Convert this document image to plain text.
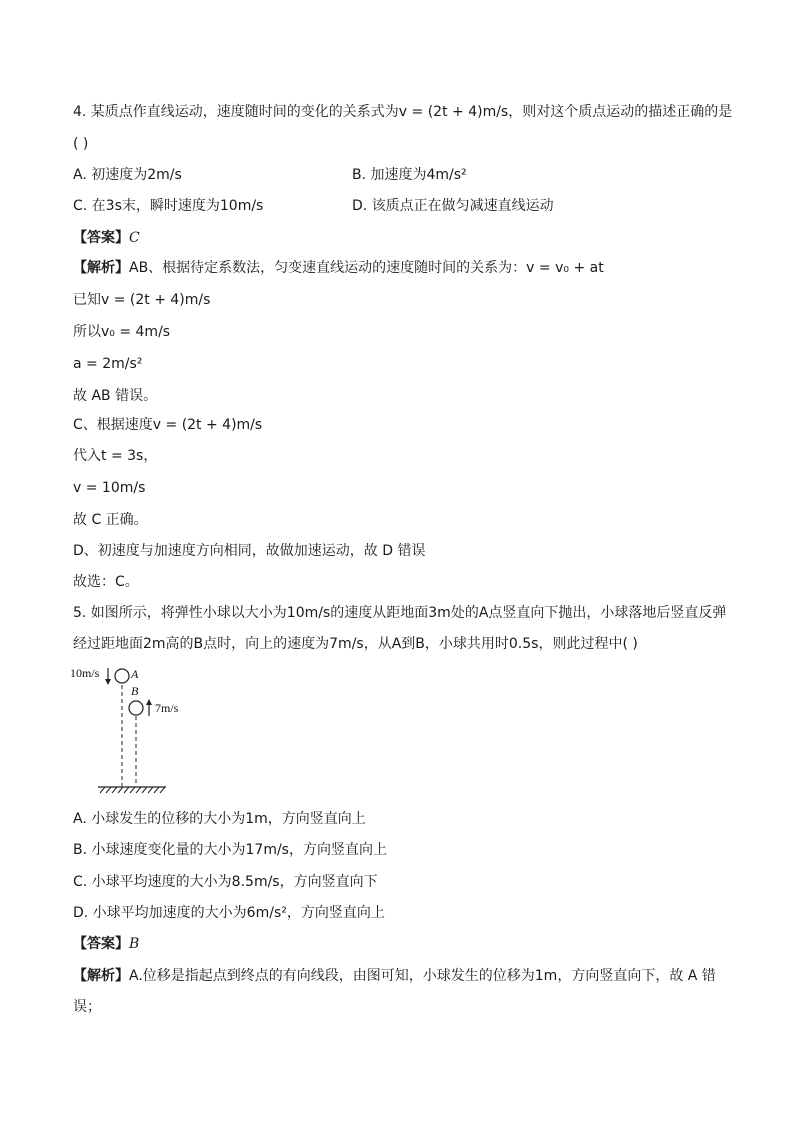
4. 某质点作直线运动，速度随时间的变化的关系式为v = (2t + 4)m/s，则对这个质点运动的描述正确的是
( )
A. 初速度为2m/s	B. 加速度为4m/s²
C. 在3s末，瞬时速度为10m/s	D. 该质点正在做匀减速直线运动
【答案】C
【解析】AB、根据待定系数法，匀变速直线运动的速度随时间的关系为：v = v₀ + at
已知v = (2t + 4)m/s
所以v₀ = 4m/s
a = 2m/s²
故 AB 错误。
C、根据速度v = (2t + 4)m/s
代入t = 3s，
v = 10m/s
故 C 正确。
D、初速度与加速度方向相同，故做加速运动，故 D 错误
故选：C。
5. 如图所示，将弹性小球以大小为10m/s的速度从距地面3m处的A点竖直向下抛出，小球落地后竖直反弹
经过距地面2m高的B点时，向上的速度为7m/s，从A到B，小球共用时0.5s，则此过程中( )
10m/s	A
B
7m/s
A. 小球发生的位移的大小为1m，方向竖直向上
B. 小球速度变化量的大小为17m/s，方向竖直向上
C. 小球平均速度的大小为8.5m/s，方向竖直向下
D. 小球平均加速度的大小为6m/s²，方向竖直向上
【答案】B
【解析】A.位移是指起点到终点的有向线段，由图可知，小球发生的位移为1m，方向竖直向下，故 A 错
误；
